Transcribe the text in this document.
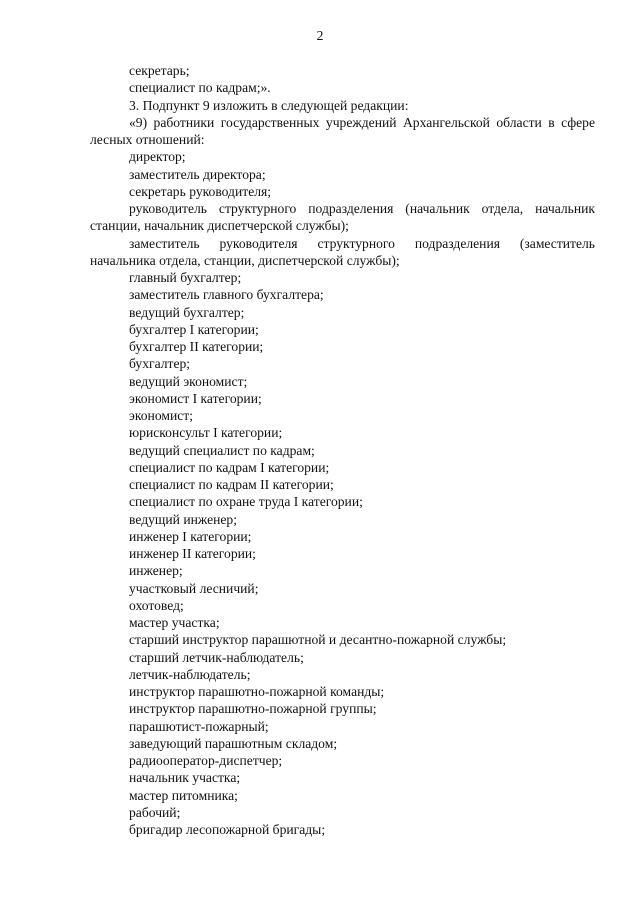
2
секретарь;
специалист по кадрам;».
3. Подпункт 9 изложить в следующей редакции:
«9) работники государственных учреждений Архангельской области в сфере лесных отношений:
директор;
заместитель директора;
секретарь руководителя;
руководитель структурного подразделения (начальник отдела, начальник станции, начальник диспетчерской службы);
заместитель руководителя структурного подразделения (заместитель начальника отдела, станции, диспетчерской службы);
главный бухгалтер;
заместитель главного бухгалтера;
ведущий бухгалтер;
бухгалтер I категории;
бухгалтер II категории;
бухгалтер;
ведущий экономист;
экономист I категории;
экономист;
юрисконсульт I категории;
ведущий специалист по кадрам;
специалист по кадрам I категории;
специалист по кадрам II категории;
специалист по охране труда I категории;
ведущий инженер;
инженер I категории;
инженер II категории;
инженер;
участковый лесничий;
охотовед;
мастер участка;
старший инструктор парашютной и десантно-пожарной службы;
старший летчик-наблюдатель;
летчик-наблюдатель;
инструктор парашютно-пожарной команды;
инструктор парашютно-пожарной группы;
парашютист-пожарный;
заведующий парашютным складом;
радиооператор-диспетчер;
начальник участка;
мастер питомника;
рабочий;
бригадир лесопожарной бригады;
